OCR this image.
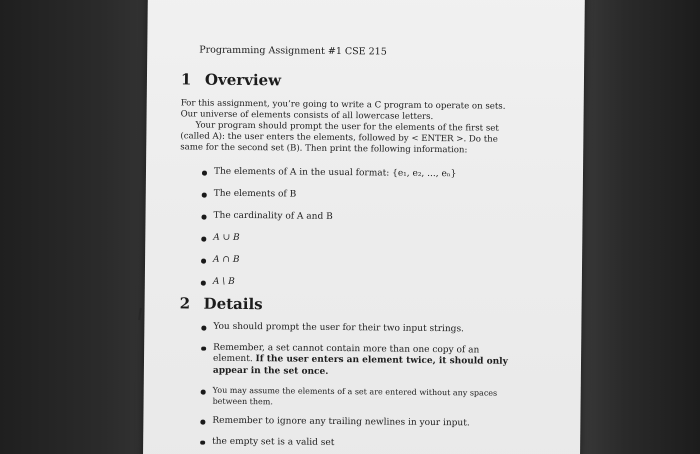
Programming Assignment #1 CSE 215
1 Overview
For this assignment, you’re going to write a C program to operate on sets. Our universe of elements consists of all lowercase letters.
Your program should prompt the user for the elements of the first set (called A): the user enters the elements, followed by < ENTER >. Do the same for the second set (B). Then print the following information:
The elements of A in the usual format: {e₁, e₂, ..., eₙ}
The elements of B
The cardinality of A and B
A ∪ B
A ∩ B
A \ B
2 Details
You should prompt the user for their two input strings.
Remember, a set cannot contain more than one copy of an element. If the user enters an element twice, it should only appear in the set once.
You may assume the elements of a set are entered without any spaces between them.
Remember to ignore any trailing newlines in your input.
the empty set is a valid set
